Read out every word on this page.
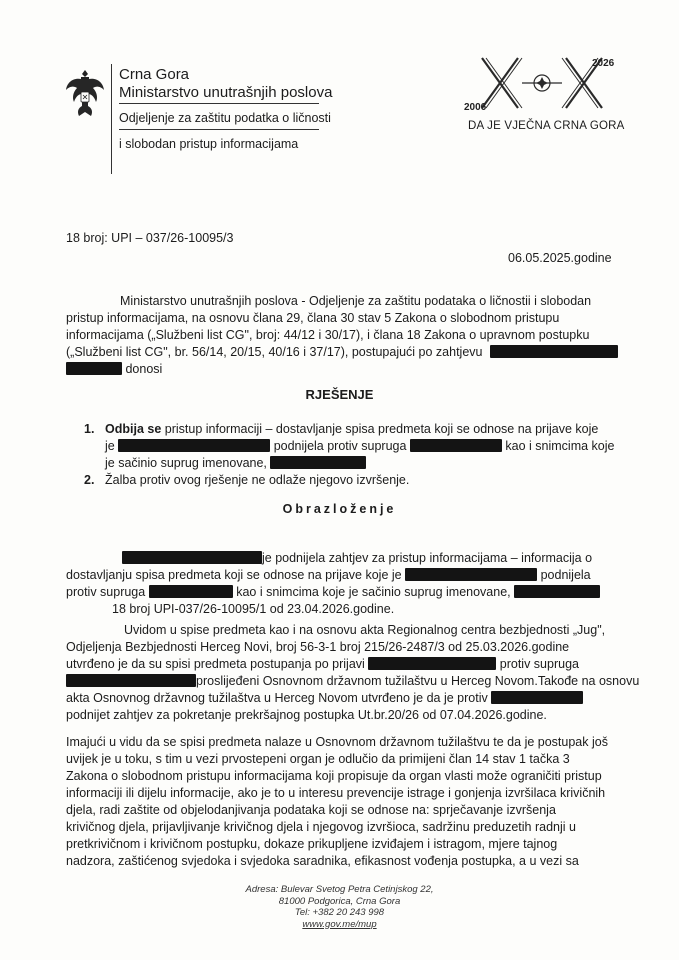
Crna Gora
Ministarstvo unutrašnjih poslova
Odjeljenje za zaštitu podatka o ličnosti
i slobodan pristup informacijama
2006
2026
DA JE VJEČNA CRNA GORA
18 broj: UPI – 037/26-10095/3
06.05.2025.godine
Ministarstvo unutrašnjih poslova - Odjeljenje za zaštitu podataka o ličnostii i slobodan
pristup informacijama, na osnovu člana 29, člana 30 stav 5 Zakona o slobodnom pristupu
informacijama („Službeni list CG", broj: 44/12 i 30/17), i člana 18 Zakona o upravnom postupku
(„Službeni list CG", br. 56/14, 20/15, 40/16 i 37/17), postupajući po zahtjevu
donosi
RJEŠENJE
1. Odbija se pristup informaciji – dostavljanje spisa predmeta koji se odnose na prijave koje
je	podnijela protiv supruga	kao i snimcima koje
je sačinio suprug imenovane,
2. Žalba protiv ovog rješenje ne odlaže njegovo izvršenje.
Obrazloženje
je podnijela zahtjev za pristup informacijama – informacija o
dostavljanju spisa predmeta koji se odnose na prijave koje je	podnijela
protiv supruga	kao i snimcima koje je sačinio suprug imenovane,
18 broj UPI-037/26-10095/1 od 23.04.2026.godine.
Uvidom u spise predmeta kao i na osnovu akta Regionalnog centra bezbjednosti „Jug",
Odjeljenja Bezbjednosti Herceg Novi, broj 56-3-1 broj 215/26-2487/3 od 25.03.2026.godine
utvrđeno je da su spisi predmeta postupanja po prijavi	protiv supruga
proslijeđeni Osnovnom državnom tužilaštvu u Herceg Novom.Takođe na osnovu
akta Osnovnog državnog tužilaštva u Herceg Novom utvrđeno je da je protiv
podnijet zahtjev za pokretanje prekršajnog postupka Ut.br.20/26 od 07.04.2026.godine.
Imajući u vidu da se spisi predmeta nalaze u Osnovnom državnom tužilaštvu te da je postupak još
uvijek je u toku, s tim u vezi prvostepeni organ je odlučio da primijeni član 14 stav 1 tačka 3
Zakona o slobodnom pristupu informacijama koji propisuje da organ vlasti može ograničiti pristup
informaciji ili dijelu informacije, ako je to u interesu prevencije istrage i gonjenja izvršilaca krivičnih
djela, radi zaštite od objelodanjivanja podataka koji se odnose na: sprječavanje izvršenja
krivičnog djela, prijavljivanje krivičnog djela i njegovog izvršioca, sadržinu preduzetih radnji u
pretkrivičnom i krivičnom postupku, dokaze prikupljene izviđajem i istragom, mjere tajnog
nadzora, zaštićenog svjedoka i svjedoka saradnika, efikasnost vođenja postupka, a u vezi sa
Adresa: Bulevar Svetog Petra Cetinjskog 22,
81000 Podgorica, Crna Gora
Tel: +382 20 243 998
www.gov.me/mup
